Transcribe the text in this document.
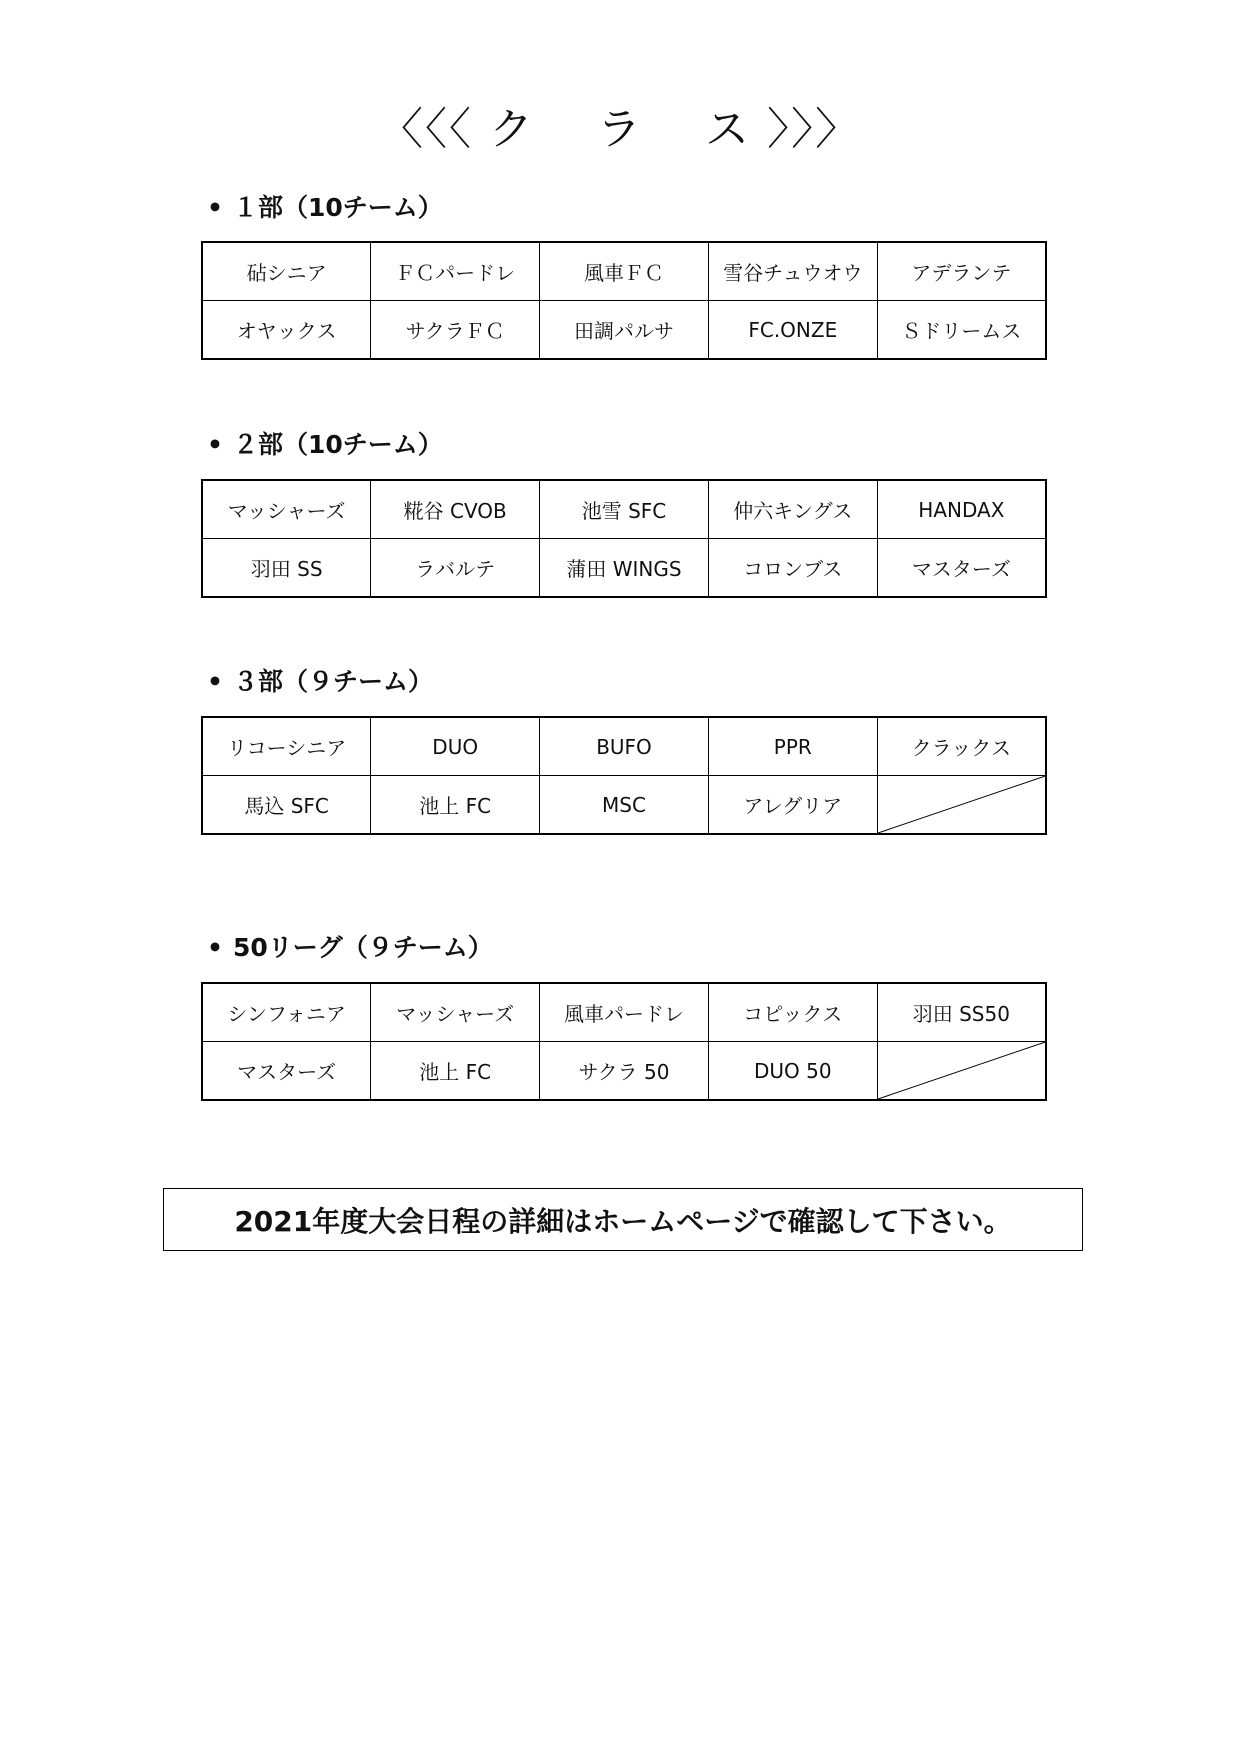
〈〈〈 ク　 ラ 　ス 〉〉〉
• １部（10チーム）
砧シニア	ＦＣパードレ	風車ＦＣ	雪谷チュウオウ	アデランテ
オヤックス	サクラＦＣ	田調パルサ	FC.ONZE	Ｓドリームス
• ２部（10チーム）
マッシャーズ	糀谷 CVOB	池雪 SFC	仲六キングス	HANDAX
羽田 SS	ラバルテ	蒲田 WINGS	コロンブス	マスターズ
• ３部（９チーム）
リコーシニア	DUO	BUFO	PPR	クラックス
馬込 SFC	池上 FC	MSC	アレグリア	
• 50リーグ（９チーム）
シンフォニア	マッシャーズ	風車パードレ	コピックス	羽田 SS50
マスターズ	池上 FC	サクラ 50	DUO 50	
2021年度大会日程の詳細はホームページで確認して下さい。
